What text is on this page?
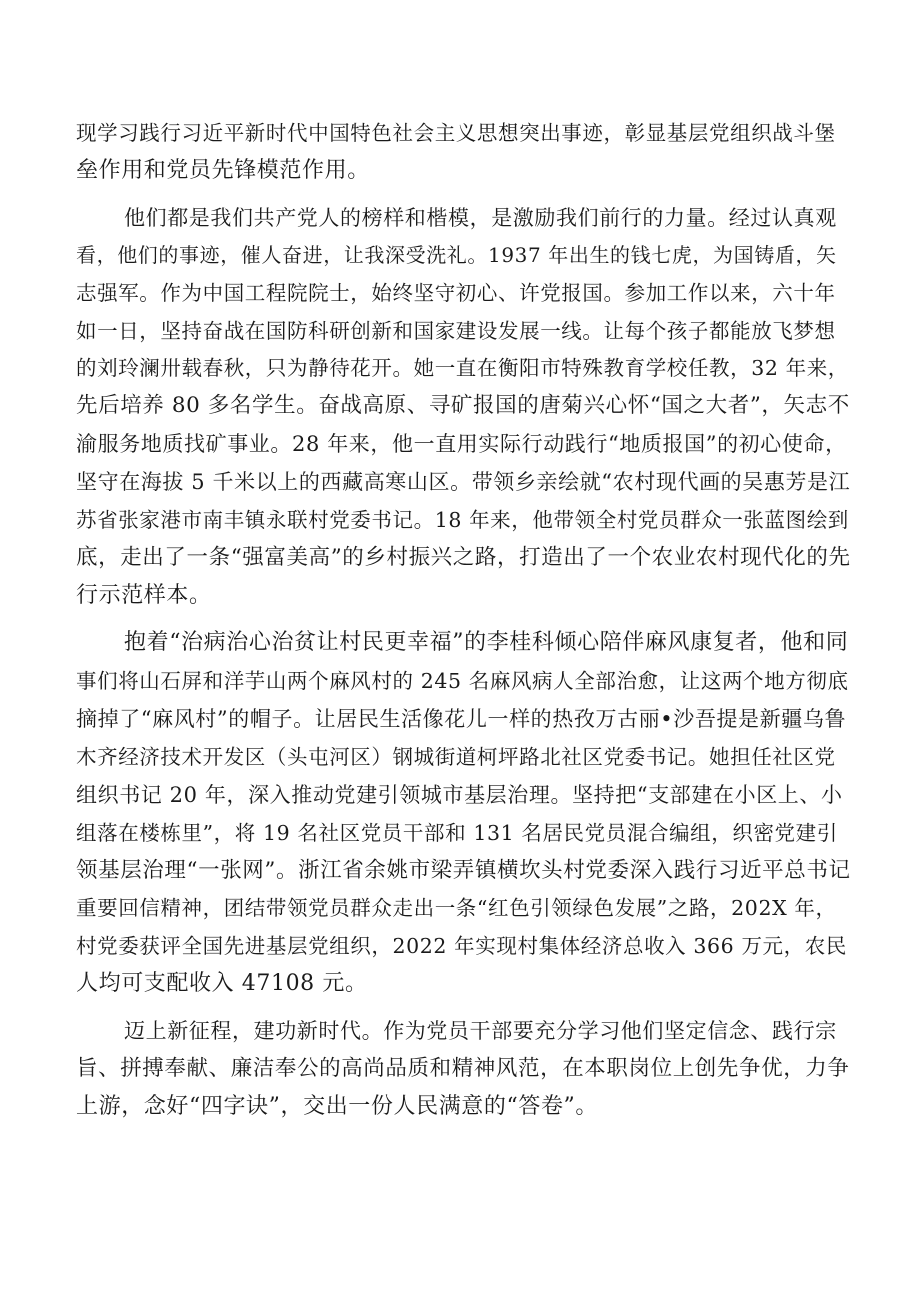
现学习践行习近平新时代中国特色社会主义思想突出事迹，彰显基层党组织战斗堡
垒作用和党员先锋模范作用。
他们都是我们共产党人的榜样和楷模，是激励我们前行的力量。经过认真观
看，他们的事迹，催人奋进，让我深受洗礼。1937 年出生的钱七虎，为国铸盾，矢
志强军。作为中国工程院院士，始终坚守初心、许党报国。参加工作以来，六十年
如一日，坚持奋战在国防科研创新和国家建设发展一线。让每个孩子都能放飞梦想
的刘玲澜卅载春秋，只为静待花开。她一直在衡阳市特殊教育学校任教，32 年来，
先后培养 80 多名学生。奋战高原、寻矿报国的唐菊兴心怀“国之大者”，矢志不
渝服务地质找矿事业。28 年来，他一直用实际行动践行“地质报国”的初心使命，
坚守在海拔 5 千米以上的西藏高寒山区。带领乡亲绘就“农村现代画的吴惠芳是江
苏省张家港市南丰镇永联村党委书记。18 年来，他带领全村党员群众一张蓝图绘到
底，走出了一条“强富美高”的乡村振兴之路，打造出了一个农业农村现代化的先
行示范样本。
抱着“治病治心治贫让村民更幸福”的李桂科倾心陪伴麻风康复者，他和同
事们将山石屏和洋芋山两个麻风村的 245 名麻风病人全部治愈，让这两个地方彻底
摘掉了“麻风村”的帽子。让居民生活像花儿一样的热孜万古丽•沙吾提是新疆乌鲁
木齐经济技术开发区（头屯河区）钢城街道柯坪路北社区党委书记。她担任社区党
组织书记 20 年，深入推动党建引领城市基层治理。坚持把“支部建在小区上、小
组落在楼栋里”，将 19 名社区党员干部和 131 名居民党员混合编组，织密党建引
领基层治理“一张网”。浙江省余姚市梁弄镇横坎头村党委深入践行习近平总书记
重要回信精神，团结带领党员群众走出一条“红色引领绿色发展”之路，202X 年，
村党委获评全国先进基层党组织，2022 年实现村集体经济总收入 366 万元，农民
人均可支配收入 47108 元。
迈上新征程，建功新时代。作为党员干部要充分学习他们坚定信念、践行宗
旨、拼搏奉献、廉洁奉公的高尚品质和精神风范，在本职岗位上创先争优，力争
上游，念好“四字诀”，交出一份人民满意的“答卷”。
